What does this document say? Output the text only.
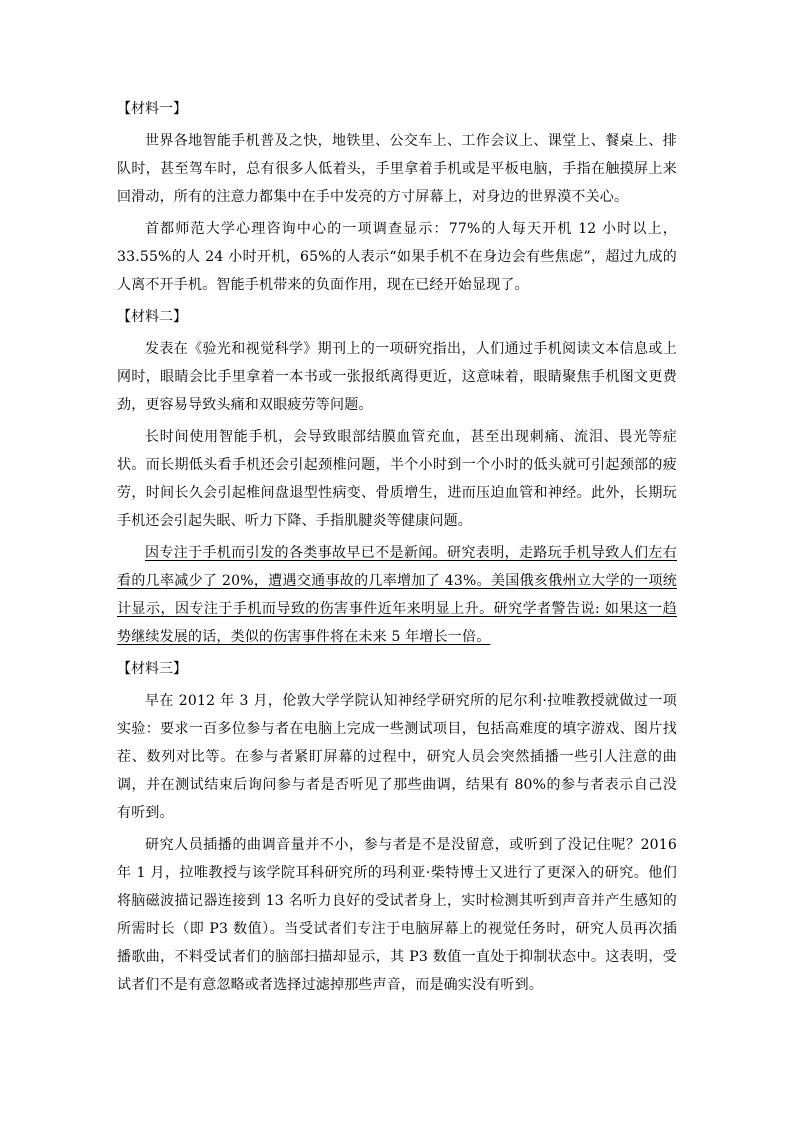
【材料一】

世界各地智能手机普及之快，地铁里、公交车上、工作会议上、课堂上、餐桌上、排队时，甚至驾车时，总有很多人低着头，手里拿着手机或是平板电脑，手指在触摸屏上来回滑动，所有的注意力都集中在手中发亮的方寸屏幕上，对身边的世界漠不关心。

首都师范大学心理咨询中心的一项调查显示：77%的人每天开机 12 小时以上，33.55%的人 24 小时开机，65%的人表示“如果手机不在身边会有些焦虑”，超过九成的人离不开手机。智能手机带来的负面作用，现在已经开始显现了。

【材料二】

发表在《验光和视觉科学》期刊上的一项研究指出，人们通过手机阅读文本信息或上网时，眼睛会比手里拿着一本书或一张报纸离得更近，这意味着，眼睛聚焦手机图文更费劲，更容易导致头痛和双眼疲劳等问题。

长时间使用智能手机，会导致眼部结膜血管充血，甚至出现刺痛、流泪、畏光等症状。而长期低头看手机还会引起颈椎问题，半个小时到一个小时的低头就可引起颈部的疲劳，时间长久会引起椎间盘退型性病变、骨质增生，进而压迫血管和神经。此外，长期玩手机还会引起失眠、听力下降、手指肌腱炎等健康问题。

因专注于手机而引发的各类事故早已不是新闻。研究表明，走路玩手机导致人们左右看的几率减少了 20%，遭遇交通事故的几率增加了 43%。美国俄亥俄州立大学的一项统计显示，因专注于手机而导致的伤害事件近年来明显上升。研究学者警告说: 如果这一趋势继续发展的话，类似的伤害事件将在未来 5 年增长一倍。

【材料三】

早在 2012 年 3 月，伦敦大学学院认知神经学研究所的尼尔利·拉唯教授就做过一项实验：要求一百多位参与者在电脑上完成一些测试项目，包括高难度的填字游戏、图片找茬、数列对比等。在参与者紧盯屏幕的过程中，研究人员会突然插播一些引人注意的曲调，并在测试结束后询问参与者是否听见了那些曲调，结果有 80%的参与者表示自己没有听到。

研究人员插播的曲调音量并不小，参与者是不是没留意，或听到了没记住呢？2016 年 1 月，拉唯教授与该学院耳科研究所的玛利亚·柴特博士又进行了更深入的研究。他们将脑磁波描记器连接到 13 名听力良好的受试者身上，实时检测其听到声音并产生感知的所需时长（即 P3 数值）。当受试者们专注于电脑屏幕上的视觉任务时，研究人员再次插播歌曲，不料受试者们的脑部扫描却显示，其 P3 数值一直处于抑制状态中。这表明，受试者们不是有意忽略或者选择过滤掉那些声音，而是确实没有听到。
